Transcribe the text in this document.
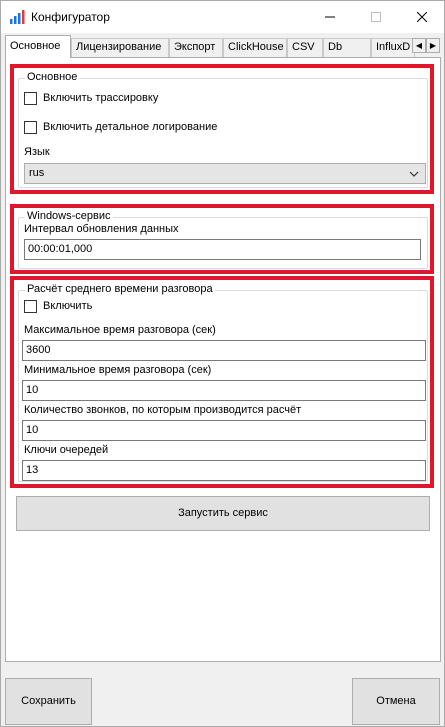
Конфигуратор
Основное	Лицензирование	Экспорт	ClickHouse CSV	Db	InfluxD ◀ ▶
Основное
Включить трассировку
Включить детальное логирование
Язык
rus
Windows-сервис
Интервал обновления данных
00:00:01,000
Расчёт среднего времени разговора
Включить
Максимальное время разговора (сек)
3600
Минимальное время разговора (сек)
10
Количество звонков, по которым производится расчёт
10
Ключи очередей
13
Запустить сервис
Сохранить	Отмена
